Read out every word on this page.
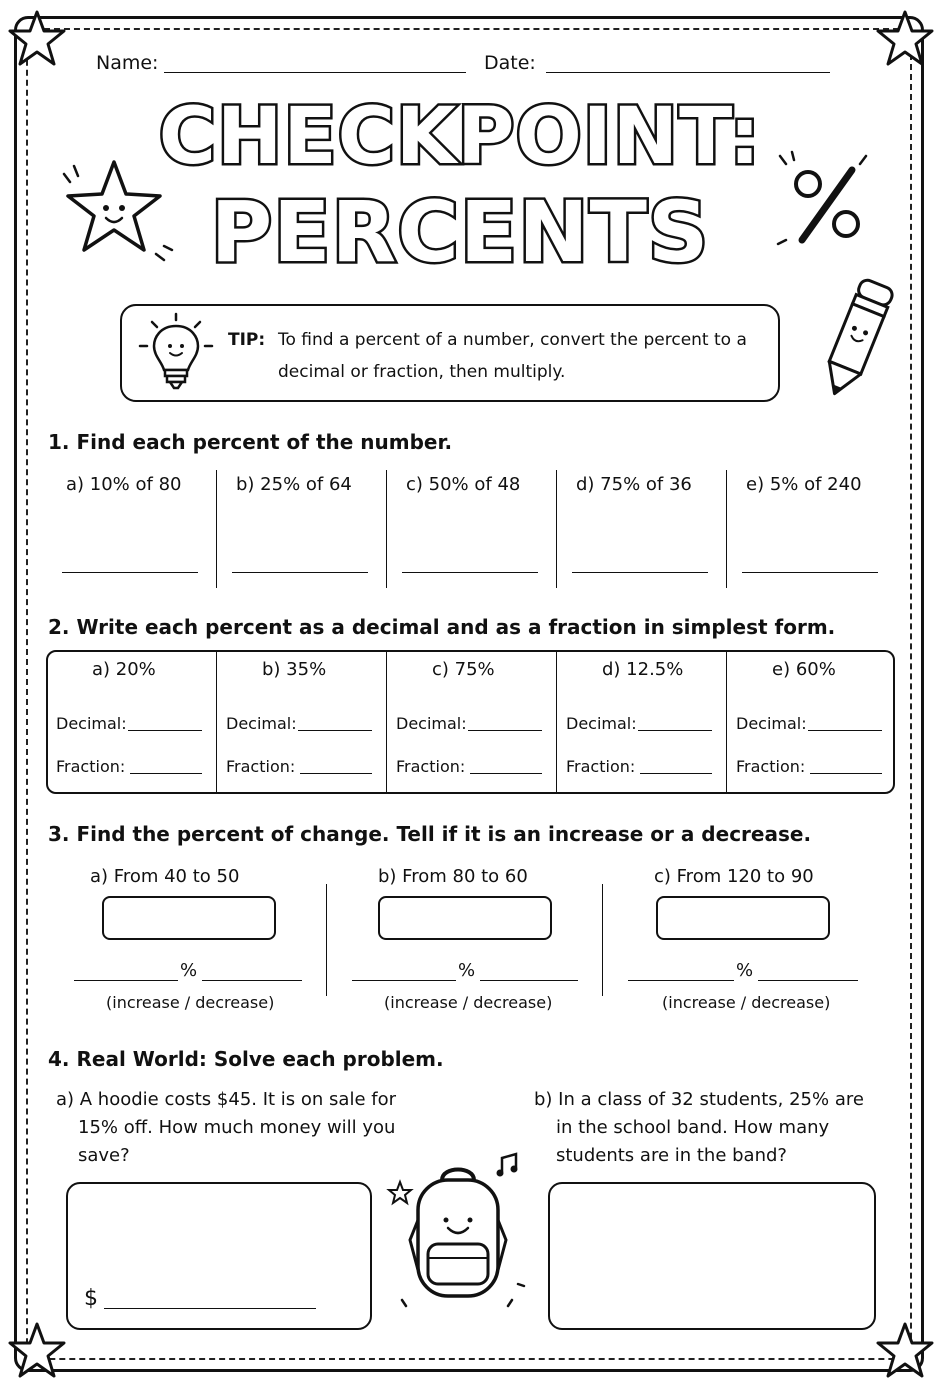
Name:	Date:
CHECKPOINT:
PERCENTS
TIP: To find a percent of a number, convert the percent to a
decimal or fraction, then multiply.
1. Find each percent of the number.
a) 10% of 80	b) 25% of 64	c) 50% of 48	d) 75% of 36	e) 5% of 240
2. Write each percent as a decimal and as a fraction in simplest form.
a) 20%	b) 35%	c) 75%	d) 12.5%	e) 60%
Decimal:	Decimal:	Decimal:	Decimal:	Decimal:
Fraction:	Fraction:	Fraction:	Fraction:	Fraction:
3. Find the percent of change. Tell if it is an increase or a decrease.
a) From 40 to 50	b) From 80 to 60	c) From 120 to 90
%	%	%
(increase / decrease)	(increase / decrease)	(increase / decrease)
4. Real World: Solve each problem.
a) A hoodie costs $45. It is on sale for
15% off. How much money will you
save?
b) In a class of 32 students, 25% are
in the school band. How many
students are in the band?
$
